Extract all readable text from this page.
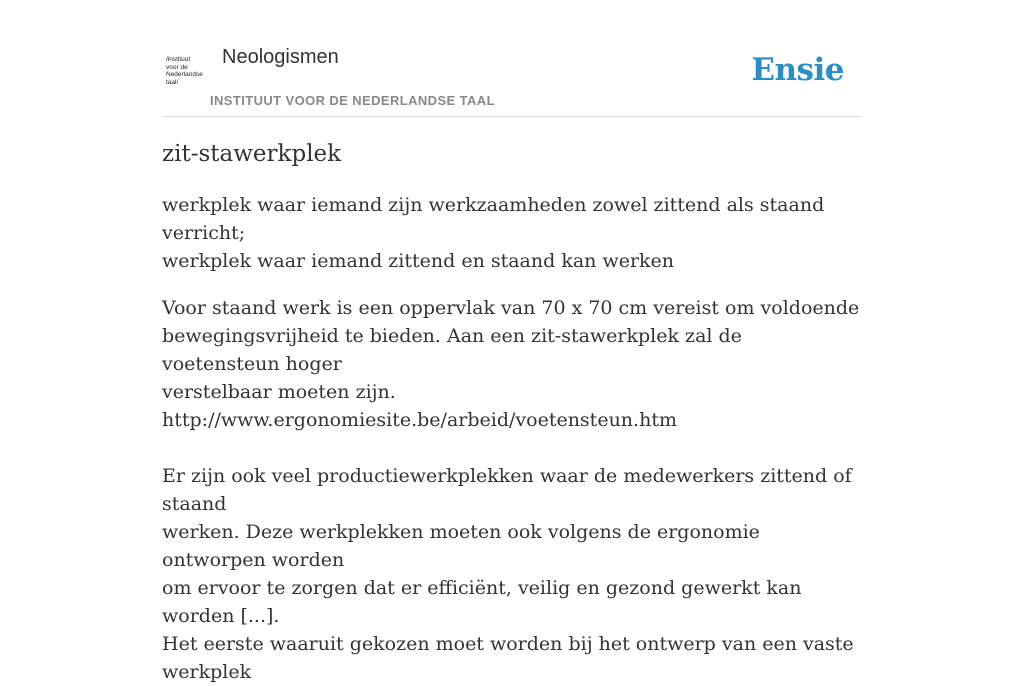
/instituut
voor de
Nederlandse
taal/
Neologismen
INSTITUUT VOOR DE NEDERLANDSE TAAL
Ensie
zit-stawerkplek

werkplek waar iemand zijn werkzaamheden zowel zittend als staand verricht;
werkplek waar iemand zittend en staand kan werken

Voor staand werk is een oppervlak van 70 x 70 cm vereist om voldoende
bewegingsvrijheid te bieden. Aan een zit-stawerkplek zal de voetensteun hoger
verstelbaar moeten zijn.
http://www.ergonomiesite.be/arbeid/voetensteun.htm
Er zijn ook veel productiewerkplekken waar de medewerkers zittend of staand
werken. Deze werkplekken moeten ook volgens de ergonomie ontworpen worden
om ervoor te zorgen dat er efficiënt, veilig en gezond gewerkt kan worden [...].
Het eerste waaruit gekozen moet worden bij het ontwerp van een vaste werkplek
